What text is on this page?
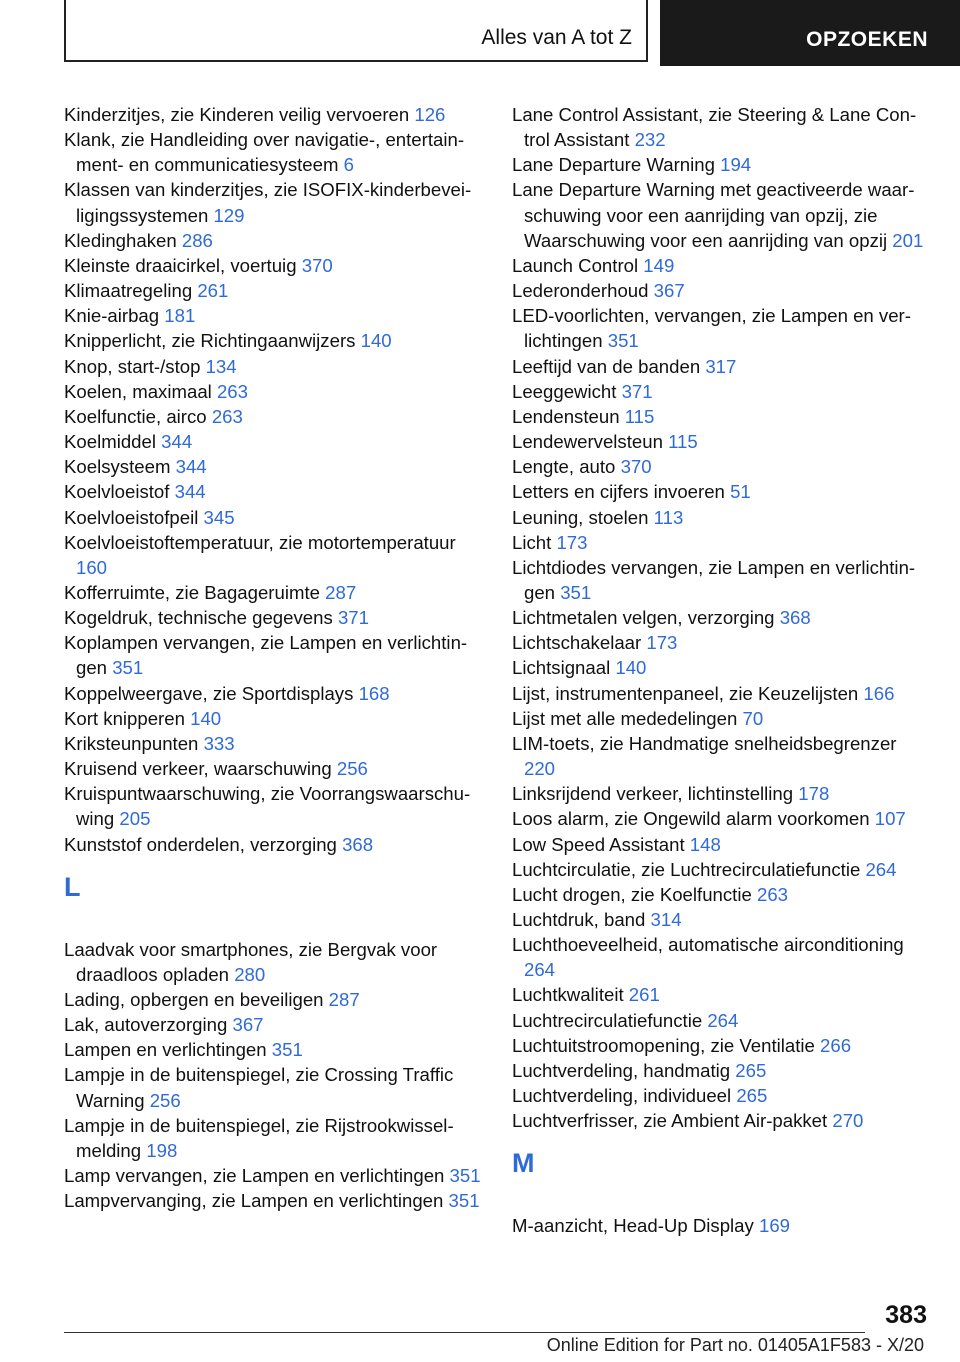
Alles van A tot Z	OPZOEKEN
Kinderzitjes, zie Kinderen veilig vervoeren 126
Klank, zie Handleiding over navigatie-, entertainment- en communicatiesysteem 6
Klassen van kinderzitjes, zie ISOFIX-kinderbeveiligingssystemen 129
Kledinghaken 286
Kleinste draaicirkel, voertuig 370
Klimaatregeling 261
Knie-airbag 181
Knipperlicht, zie Richtingaanwijzers 140
Knop, start-/stop 134
Koelen, maximaal 263
Koelfunctie, airco 263
Koelmiddel 344
Koelsysteem 344
Koelvloeistof 344
Koelvloeistofpeil 345
Koelvloeistoftemperatuur, zie motortemperatuur 160
Kofferruimte, zie Bagageruimte 287
Kogeldruk, technische gegevens 371
Koplampen vervangen, zie Lampen en verlichtingen 351
Koppelweergave, zie Sportdisplays 168
Kort knipperen 140
Kriksteunpunten 333
Kruisend verkeer, waarschuwing 256
Kruispuntwaarschuwing, zie Voorrangswaarschuwing 205
Kunststof onderdelen, verzorging 368
L
Laadvak voor smartphones, zie Bergvak voor draadloos opladen 280
Lading, opbergen en beveiligen 287
Lak, autoverzorging 367
Lampen en verlichtingen 351
Lampje in de buitenspiegel, zie Crossing Traffic Warning 256
Lampje in de buitenspiegel, zie Rijstrookwisselmelding 198
Lamp vervangen, zie Lampen en verlichtingen 351
Lampvervanging, zie Lampen en verlichtingen 351
Lane Control Assistant, zie Steering & Lane Control Assistant 232
Lane Departure Warning 194
Lane Departure Warning met geactiveerde waarschuwing voor een aanrijding van opzij, zie Waarschuwing voor een aanrijding van opzij 201
Launch Control 149
Lederonderhoud 367
LED-voorlichten, vervangen, zie Lampen en verlichtingen 351
Leeftijd van de banden 317
Leeggewicht 371
Lendensteun 115
Lendewervelsteun 115
Lengte, auto 370
Letters en cijfers invoeren 51
Leuning, stoelen 113
Licht 173
Lichtdiodes vervangen, zie Lampen en verlichtingen 351
Lichtmetalen velgen, verzorging 368
Lichtschakelaar 173
Lichtsignaal 140
Lijst, instrumentenpaneel, zie Keuzelijsten 166
Lijst met alle mededelingen 70
LIM-toets, zie Handmatige snelheidsbegrenzer 220
Linksrijdend verkeer, lichtinstelling 178
Loos alarm, zie Ongewild alarm voorkomen 107
Low Speed Assistant 148
Luchtcirculatie, zie Luchtrecirculatiefunctie 264
Lucht drogen, zie Koelfunctie 263
Luchtdruk, band 314
Luchthoeveelheid, automatische airconditioning 264
Luchtkwaliteit 261
Luchtrecirculatiefunctie 264
Luchtuitstroomopening, zie Ventilatie 266
Luchtverdeling, handmatig 265
Luchtverdeling, individueel 265
Luchtverfrisser, zie Ambient Air-pakket 270
M
M-aanzicht, Head-Up Display 169
383
Online Edition for Part no. 01405A1F583 - X/20
